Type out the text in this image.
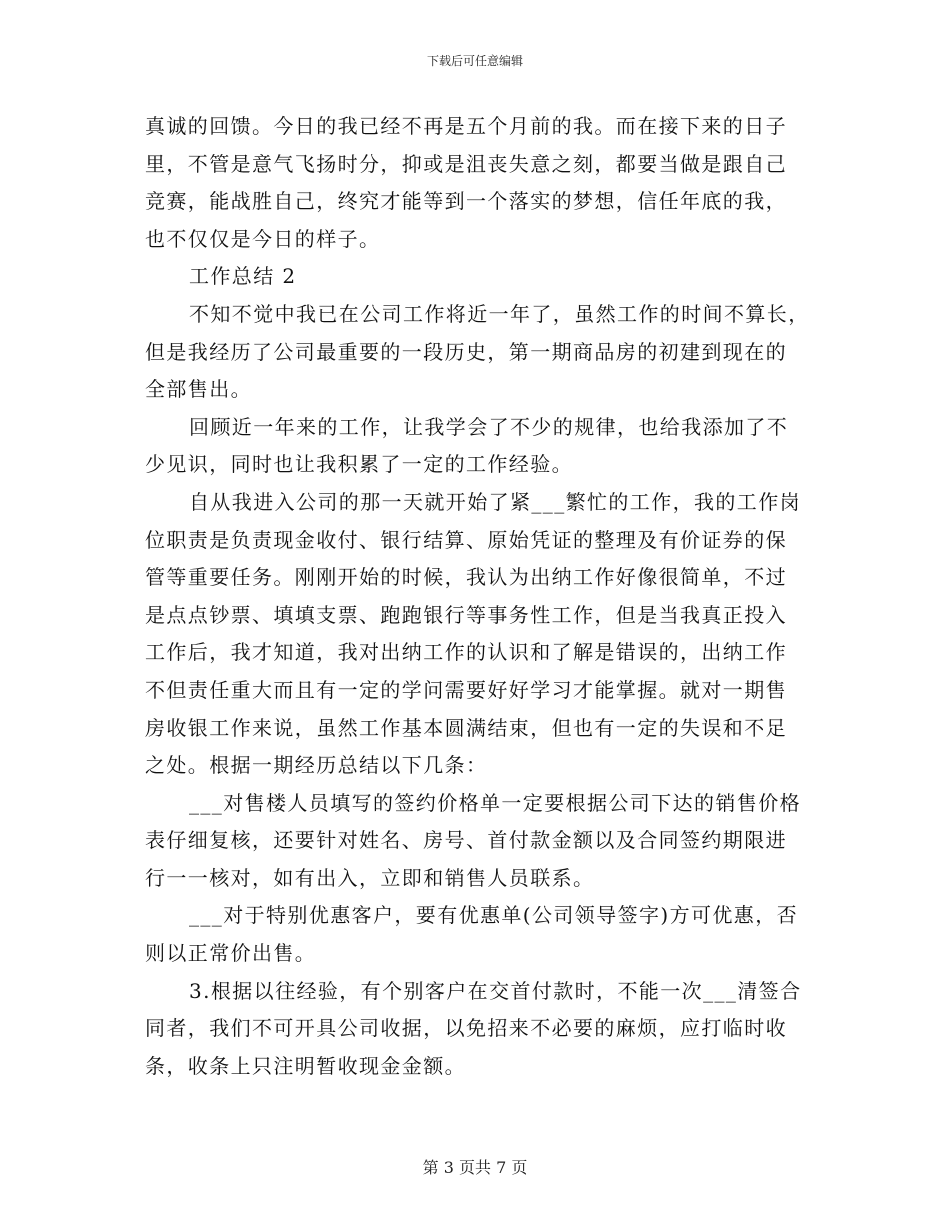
下载后可任意编辑
真诚的回馈。今日的我已经不再是五个月前的我。而在接下来的日子
里，不管是意气飞扬时分，抑或是沮丧失意之刻，都要当做是跟自己
竞赛，能战胜自己，终究才能等到一个落实的梦想，信任年底的我，
也不仅仅是今日的样子。
工作总结 2
不知不觉中我已在公司工作将近一年了，虽然工作的时间不算长，
但是我经历了公司最重要的一段历史，第一期商品房的初建到现在的
全部售出。
回顾近一年来的工作，让我学会了不少的规律，也给我添加了不
少见识，同时也让我积累了一定的工作经验。
自从我进入公司的那一天就开始了紧___繁忙的工作，我的工作岗
位职责是负责现金收付、银行结算、原始凭证的整理及有价证券的保
管等重要任务。刚刚开始的时候，我认为出纳工作好像很简单，不过
是点点钞票、填填支票、跑跑银行等事务性工作，但是当我真正投入
工作后，我才知道，我对出纳工作的认识和了解是错误的，出纳工作
不但责任重大而且有一定的学问需要好好学习才能掌握。就对一期售
房收银工作来说，虽然工作基本圆满结束，但也有一定的失误和不足
之处。根据一期经历总结以下几条：
___对售楼人员填写的签约价格单一定要根据公司下达的销售价格
表仔细复核，还要针对姓名、房号、首付款金额以及合同签约期限进
行一一核对，如有出入，立即和销售人员联系。
___对于特别优惠客户，要有优惠单(公司领导签字)方可优惠，否
则以正常价出售。
3.根据以往经验，有个别客户在交首付款时，不能一次___清签合
同者，我们不可开具公司收据，以免招来不必要的麻烦，应打临时收
条，收条上只注明暂收现金金额。
第 3 页共 7 页
